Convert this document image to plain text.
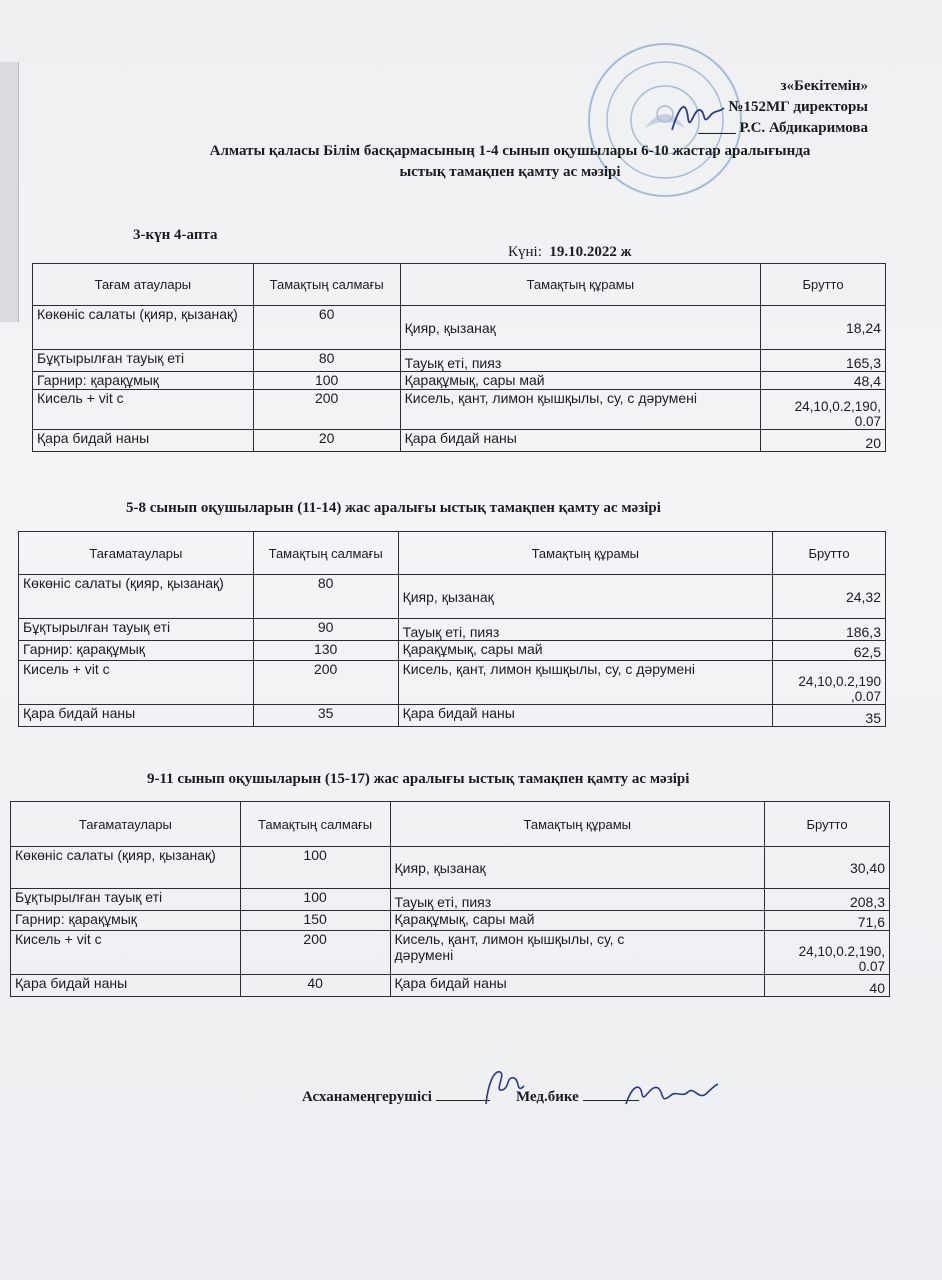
з«Бекітемін»
№152МГ директоры
_____ Р.С. Абдикаримова
Алматы қаласы Білім басқармасының 1-4 сынып оқушылары 6-10 жастар аралығында
ыстық тамақпен қамту ас мәзірі
3-күн 4-апта
Күні: 19.10.2022 ж
Тағам атаулары	Тамақтың салмағы	Тамақтың құрамы	Брутто
Көкөніс салаты (қияр, қызанақ)	60	Қияр, қызанақ	18,24
Бұқтырылған тауық еті	80	Тауық еті, пияз	165,3
Гарнир: қарақұмық	100	Қарақұмық, сары май	48,4
Кисель + vit c	200	Кисель, қант, лимон қышқылы, су, с дәрумені	24,10,0.2,190,
0.07
Қара бидай наны	20	Қара бидай наны	20
5-8 сынып оқушыларын (11-14) жас аралығы ыстық тамақпен қамту ас мәзірі
Тағаматаулары	Тамақтың салмағы	Тамақтың құрамы	Брутто
Көкөніс салаты (қияр, қызанақ)	80	Қияр, қызанақ	24,32
Бұқтырылған тауық еті	90	Тауық еті, пияз	186,3
Гарнир: қарақұмық	130	Қарақұмық, сары май	62,5
Кисель + vit c	200	Кисель, қант, лимон қышқылы, су, с дәрумені	24,10,0.2,190
,0.07
Қара бидай наны	35	Қара бидай наны	35
9-11 сынып оқушыларын (15-17) жас аралығы ыстық тамақпен қамту ас мәзірі
Тағаматаулары	Тамақтың салмағы	Тамақтың құрамы	Брутто
Көкөніс салаты (қияр, қызанақ)	100	Қияр, қызанақ	30,40
Бұқтырылған тауық еті	100	Тауық еті, пияз	208,3
Гарнир: қарақұмық	150	Қарақұмық, сары май	71,6
Кисель + vit c	200	Кисель, қант, лимон қышқылы, су, с дәрумені	24,10,0.2,190,
0.07
Қара бидай наны	40	Қара бидай наны	40
Асханамеңгерушісі	Мед.бике
